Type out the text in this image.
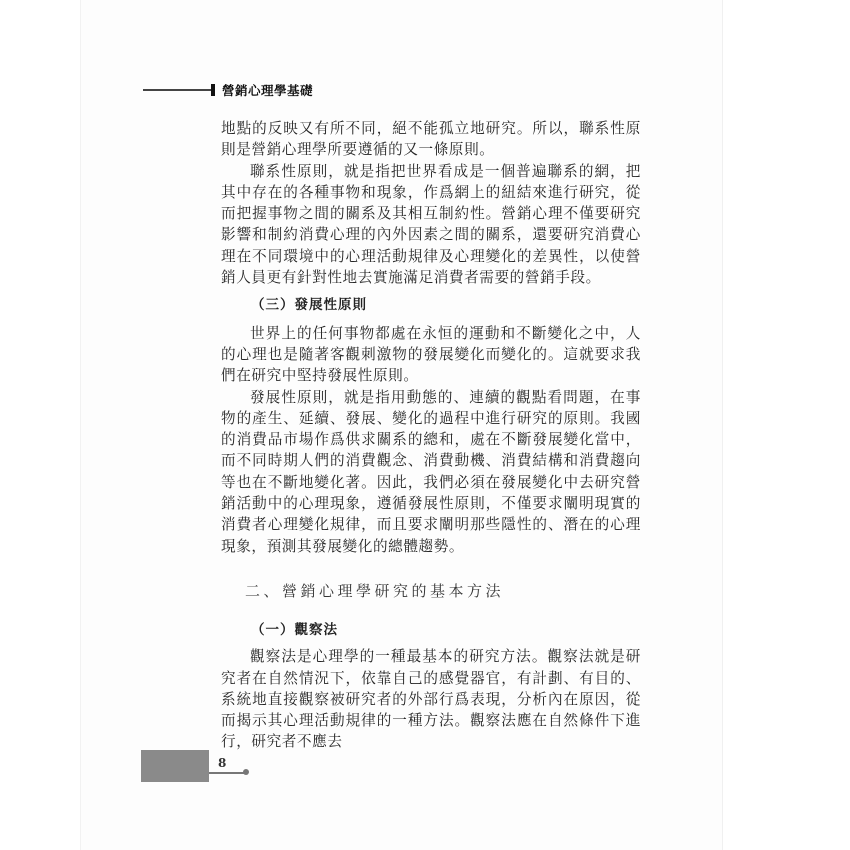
營銷心理學基礎

地點的反映又有所不同，絕不能孤立地研究。所以，聯系性原則是營銷心理學所要遵循的又一條原則。

聯系性原則，就是指把世界看成是一個普遍聯系的網，把其中存在的各種事物和現象，作爲網上的紐結來進行研究，從而把握事物之間的關系及其相互制約性。營銷心理不僅要研究影響和制約消費心理的內外因素之間的關系，還要研究消費心理在不同環境中的心理活動規律及心理變化的差異性，以使營銷人員更有針對性地去實施滿足消費者需要的營銷手段。

（三）發展性原則

世界上的任何事物都處在永恒的運動和不斷變化之中，人的心理也是隨著客觀刺激物的發展變化而變化的。這就要求我們在研究中堅持發展性原則。

發展性原則，就是指用動態的、連續的觀點看問題，在事物的產生、延續、發展、變化的過程中進行研究的原則。我國的消費品市場作爲供求關系的總和，處在不斷發展變化當中，而不同時期人們的消費觀念、消費動機、消費結構和消費趨向等也在不斷地變化著。因此，我們必須在發展變化中去研究營銷活動中的心理現象，遵循發展性原則，不僅要求闡明現實的消費者心理變化規律，而且要求闡明那些隱性的、潛在的心理現象，預測其發展變化的總體趨勢。

二、營銷心理學研究的基本方法
（一）觀察法

觀察法是心理學的一種最基本的研究方法。觀察法就是研究者在自然情況下，依靠自己的感覺器官，有計劃、有目的、系統地直接觀察被研究者的外部行爲表現，分析內在原因，從而揭示其心理活動規律的一種方法。觀察法應在自然條件下進行，研究者不應去

8
